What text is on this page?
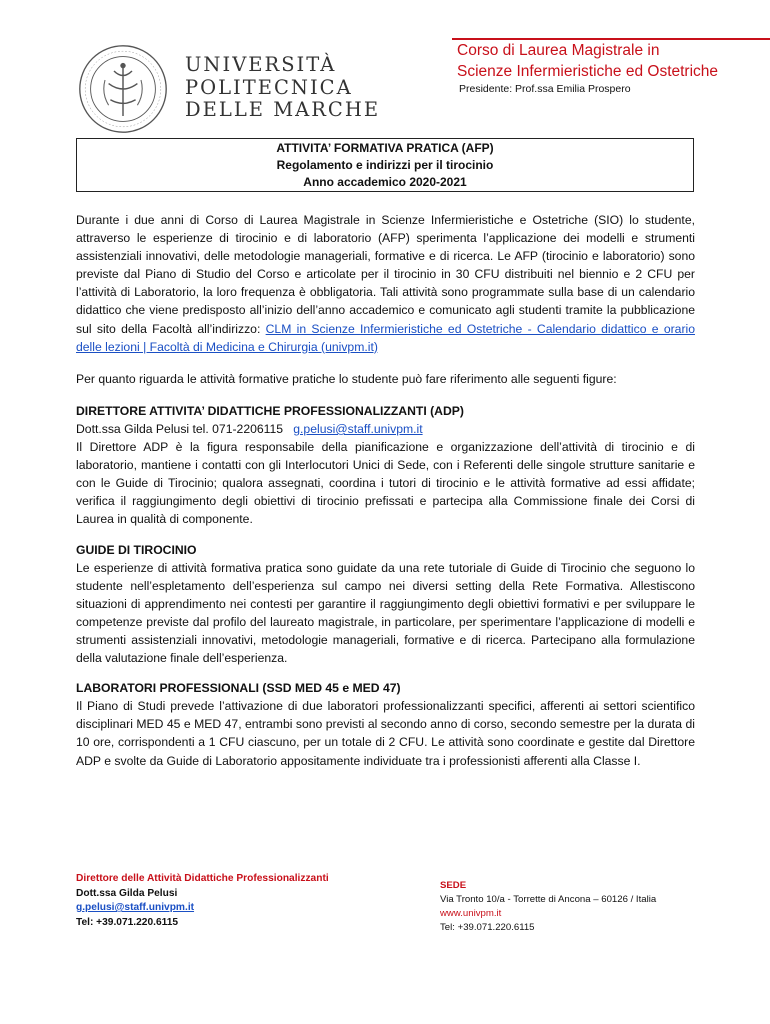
UNIVERSITÀ
POLITECNICA
DELLE MARCHE
Corso di Laurea Magistrale in
Scienze Infermieristiche ed Ostetriche
Presidente: Prof.ssa Emilia Prospero
ATTIVITA’ FORMATIVA PRATICA (AFP)
Regolamento e indirizzi per il tirocinio
Anno accademico 2020-2021

Durante i due anni di Corso di Laurea Magistrale in Scienze Infermieristiche e Ostetriche (SIO) lo studente, attraverso le esperienze di tirocinio e di laboratorio (AFP) sperimenta l’applicazione dei modelli e strumenti assistenziali innovativi, delle metodologie manageriali, formative e di ricerca. Le AFP (tirocinio e laboratorio) sono previste dal Piano di Studio del Corso e articolate per il tirocinio in 30 CFU distribuiti nel biennio e 2 CFU per l’attività di Laboratorio, la loro frequenza è obbligatoria. Tali attività sono programmate sulla base di un calendario didattico che viene predisposto all’inizio dell’anno accademico e comunicato agli studenti tramite la pubblicazione sul sito della Facoltà all’indirizzo: CLM in Scienze Infermieristiche ed Ostetriche - Calendario didattico e orario delle lezioni | Facoltà di Medicina e Chirurgia (univpm.it)

Per quanto riguarda le attività formative pratiche lo studente può fare riferimento alle seguenti figure:

DIRETTORE ATTIVITA’ DIDATTICHE PROFESSIONALIZZANTI (ADP)

Dott.ssa Gilda Pelusi tel. 071-2206115 g.pelusi@staff.univpm.it

Il Direttore ADP è la figura responsabile della pianificazione e organizzazione dell’attività di tirocinio e di laboratorio, mantiene i contatti con gli Interlocutori Unici di Sede, con i Referenti delle singole strutture sanitarie e con le Guide di Tirocinio; qualora assegnati, coordina i tutori di tirocinio e le attività formative ad essi affidate; verifica il raggiungimento degli obiettivi di tirocinio prefissati e partecipa alla Commissione finale dei Corsi di Laurea in qualità di componente.

GUIDE DI TIROCINIO

Le esperienze di attività formativa pratica sono guidate da una rete tutoriale di Guide di Tirocinio che seguono lo studente nell’espletamento dell’esperienza sul campo nei diversi setting della Rete Formativa. Allestiscono situazioni di apprendimento nei contesti per garantire il raggiungimento degli obiettivi formativi e per sviluppare le competenze previste dal profilo del laureato magistrale, in particolare, per sperimentare l’applicazione di modelli e strumenti assistenziali innovativi, metodologie manageriali, formative e di ricerca. Partecipano alla formulazione della valutazione finale dell’esperienza.

LABORATORI PROFESSIONALI (SSD MED 45 e MED 47)

Il Piano di Studi prevede l’attivazione di due laboratori professionalizzanti specifici, afferenti ai settori scientifico disciplinari MED 45 e MED 47, entrambi sono previsti al secondo anno di corso, secondo semestre per la durata di 10 ore, corrispondenti a 1 CFU ciascuno, per un totale di 2 CFU. Le attività sono coordinate e gestite dal Direttore ADP e svolte da Guide di Laboratorio appositamente individuate tra i professionisti afferenti alla Classe I.

Direttore delle Attività Didattiche Professionalizzanti
Dott.ssa Gilda Pelusi
g.pelusi@staff.univpm.it
Tel: +39.071.220.6115
SEDE
Via Tronto 10/a - Torrette di Ancona – 60126 / Italia
www.univpm.it
Tel: +39.071.220.6115
